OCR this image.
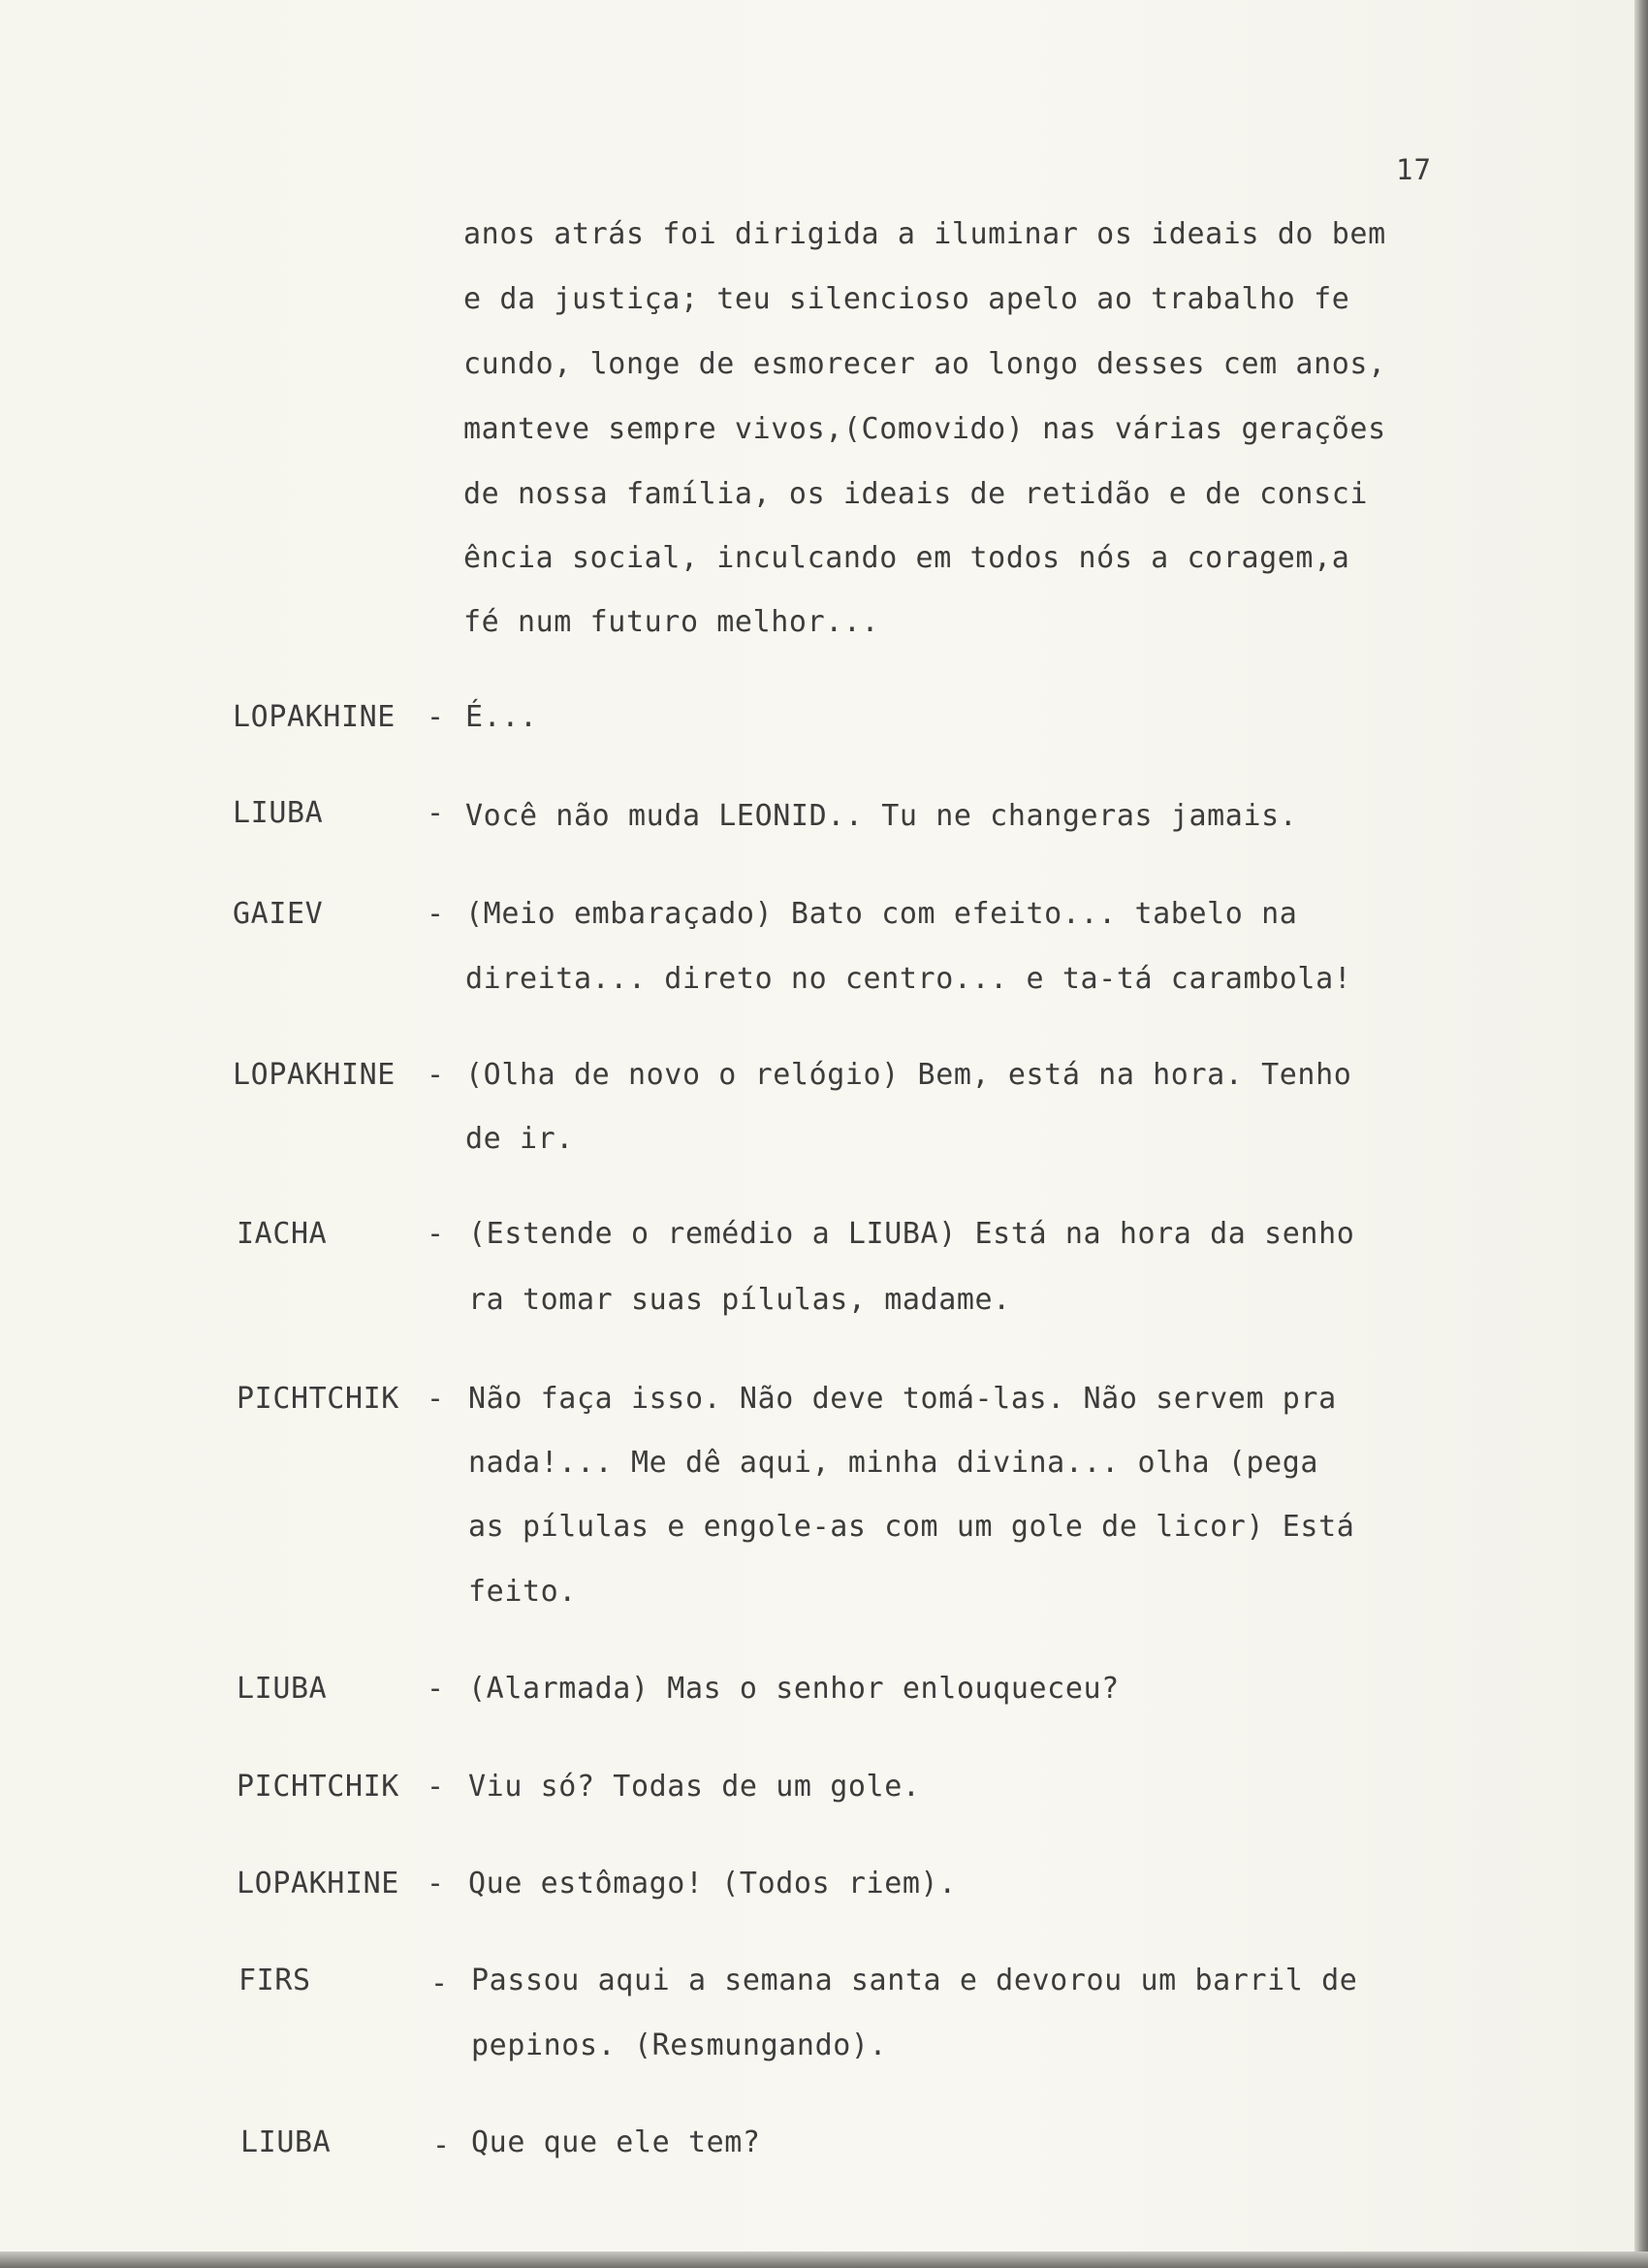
17
anos atrás foi dirigida a iluminar os ideais do bem
e da justiça; teu silencioso apelo ao trabalho fe
cundo, longe de esmorecer ao longo desses cem anos,
manteve sempre vivos,(Comovido) nas várias gerações
de nossa família, os ideais de retidão e de consci
ência social, inculcando em todos nós a coragem,a
fé num futuro melhor...
LOPAKHINE - É...
LIUBA	- Você não muda LEONID.. Tu ne changeras jamais.
GAIEV	- (Meio embaraçado) Bato com efeito... tabelo na
direita... direto no centro... e ta-tá carambola!
LOPAKHINE - (Olha de novo o relógio) Bem, está na hora. Tenho
de ir.
IACHA	- (Estende o remédio a LIUBA) Está na hora da senho
ra tomar suas pílulas, madame.
PICHTCHIK - Não faça isso. Não deve tomá-las. Não servem pra
nada!... Me dê aqui, minha divina... olha (pega
as pílulas e engole-as com um gole de licor) Está
feito.
LIUBA	- (Alarmada) Mas o senhor enlouqueceu?
PICHTCHIK - Viu só? Todas de um gole.
LOPAKHINE - Que estômago! (Todos riem).
FIRS	- Passou aqui a semana santa e devorou um barril de
pepinos. (Resmungando).
LIUBA	- Que que ele tem?
